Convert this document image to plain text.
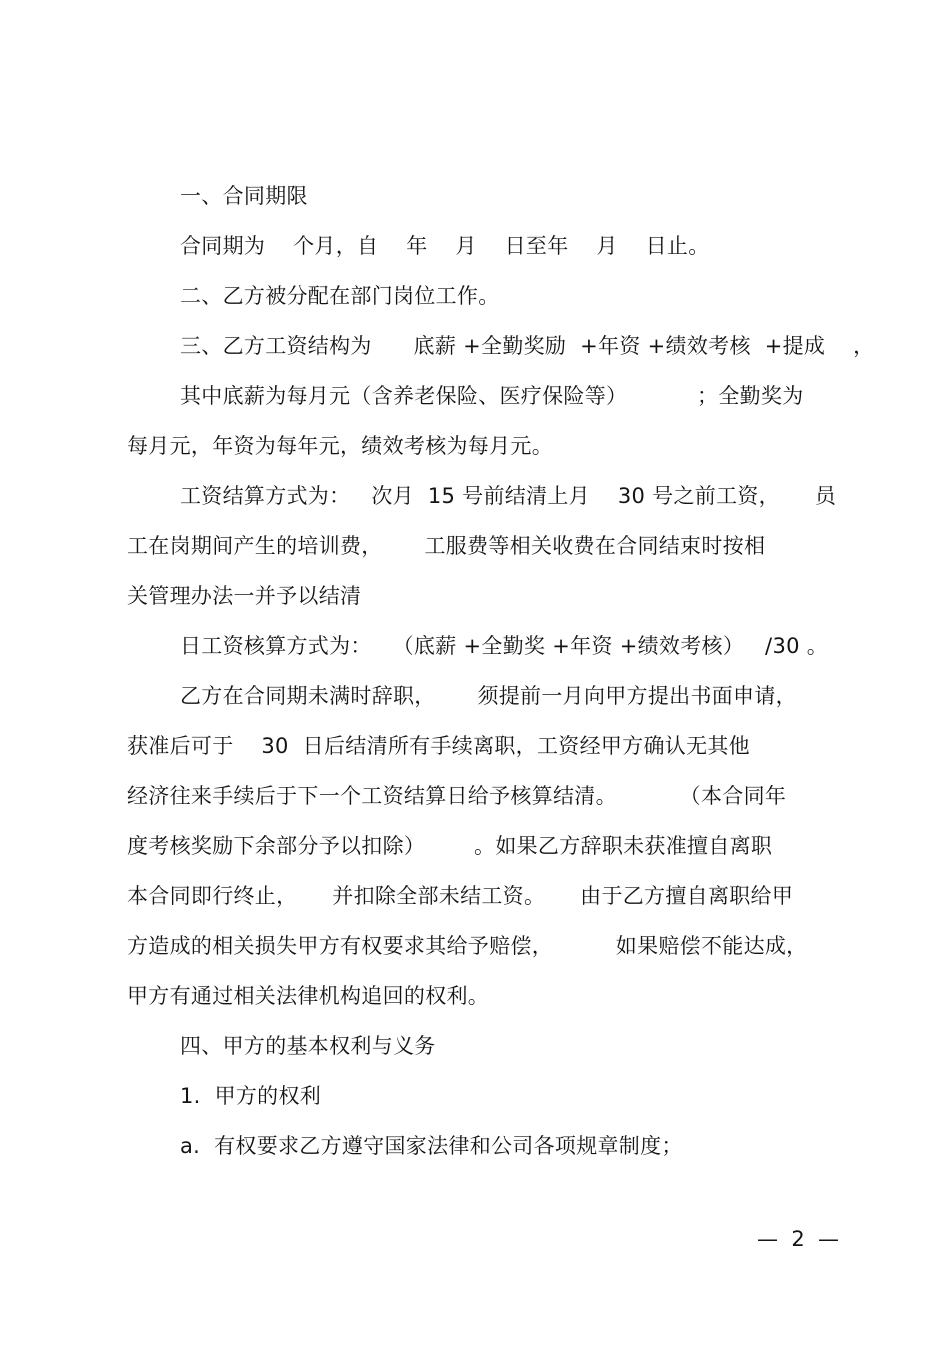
一、合同期限
合同期为    个月，自    年    月    日至年    月    日止。
二、乙方被分配在部门岗位工作。
三、乙方工资结构为      底薪 +全勤奖励  +年资 +绩效考核  +提成    ，
其中底薪为每月元（含养老保险、医疗保险等）          ；全勤奖为
每月元，年资为每年元，绩效考核为每月元。
工资结算方式为：   次月  15 号前结清上月    30 号之前工资，     员
工在岗期间产生的培训费，      工服费等相关收费在合同结束时按相
关管理办法一并予以结清
日工资核算方式为：   （底薪 +全勤奖 +年资 +绩效考核）   /30 。
乙方在合同期未满时辞职，      须提前一月向甲方提出书面申请，
获准后可于    30  日后结清所有手续离职，工资经甲方确认无其他
经济往来手续后于下一个工资结算日给予核算结清。         （本合同年
度考核奖励下余部分予以扣除）       。如果乙方辞职未获准擅自离职
本合同即行终止，     并扣除全部未结工资。     由于乙方擅自离职给甲
方造成的相关损失甲方有权要求其给予赔偿，         如果赔偿不能达成，
甲方有通过相关法律机构追回的权利。
四、甲方的基本权利与义务
1.  甲方的权利
a.  有权要求乙方遵守国家法律和公司各项规章制度；
—  2  —
